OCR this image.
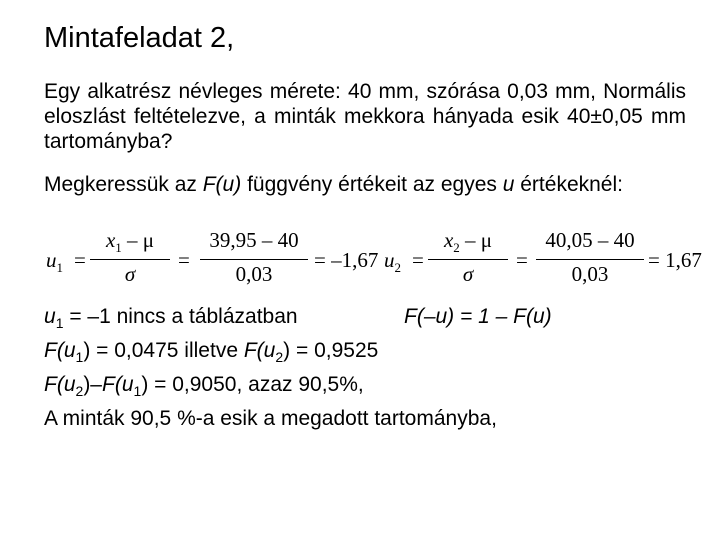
Mintafeladat 2,

Egy alkatrész névleges mérete: 40 mm, szórása 0,03 mm, Normális eloszlást feltételezve, a minták mekkora hányada esik 40±0,05 mm tartományba?

Megkeressük az F(u) függvény értékeit az egyes u értékeknél:

$u_1$ =
$x_1$ – μ
σ
=
39,95 – 40
0,03
= –1,67 $u_2$ =
$x_2$ – μ
σ
=
40,05 – 40
0,03
= 1,67
$u_1 = -1$ nincs a táblázatban	F(–u) = 1 – F(u)
$F(u_1) = 0,0475$ illetve $F(u_2) = 0,9525$
$F(u_2)-F(u_1) = 0,9050$, azaz 90,5%,
A minták 90,5 %-a esik a megadott tartományba,
